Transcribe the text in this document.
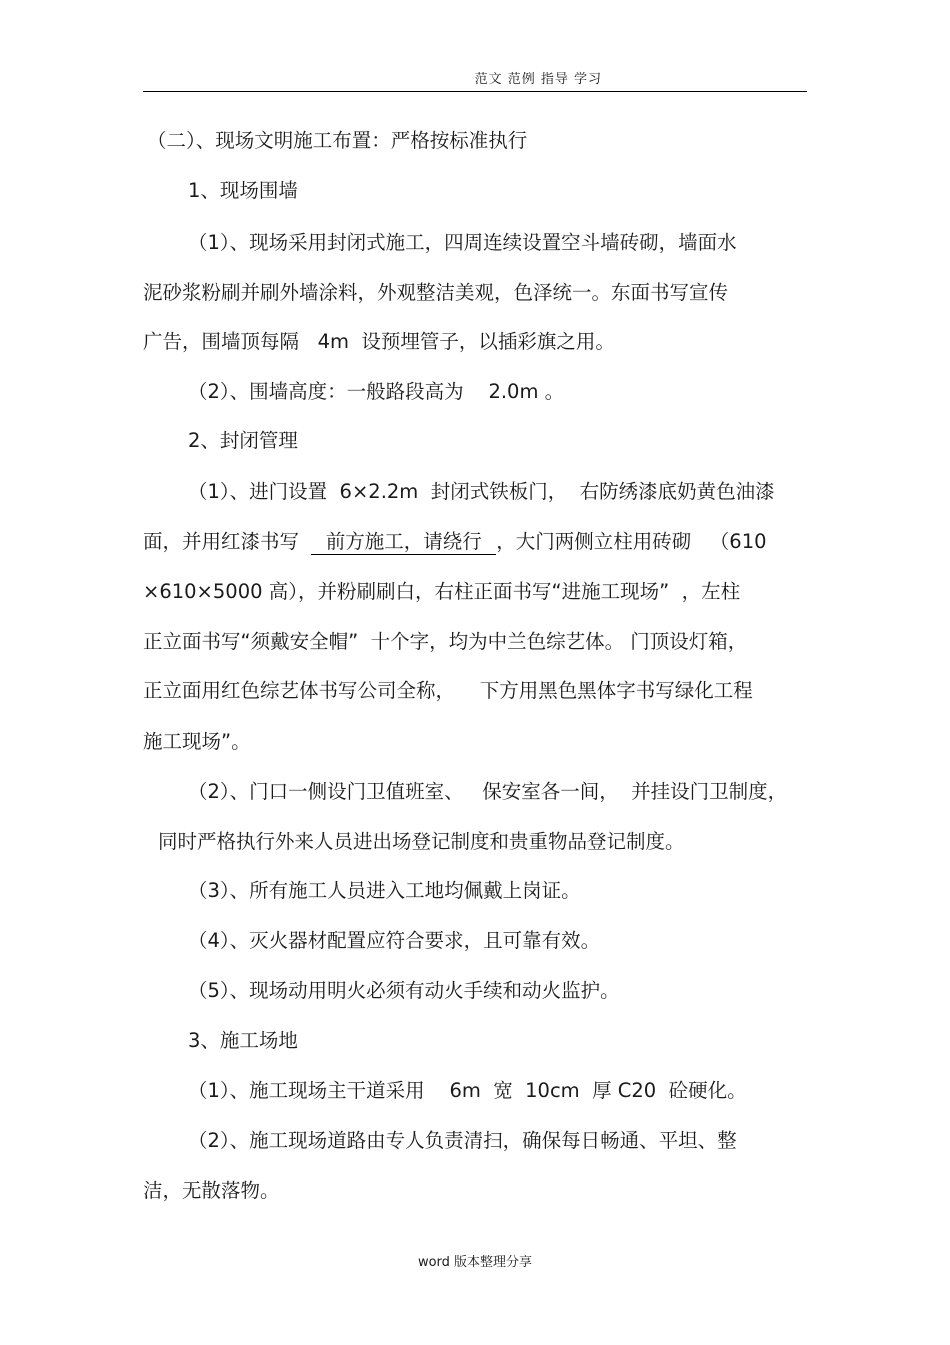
范文 范例 指导 学习
（二）、现场文明施工布置：严格按标准执行
1、现场围墙
（1）、现场采用封闭式施工，四周连续设置空斗墙砖砌，墙面水
泥砂浆粉刷并刷外墙涂料，外观整洁美观，色泽统一。东面书写宣传
广告，围墙顶每隔   4m  设预埋管子，以插彩旗之用。
（2）、围墙高度：一般路段高为    2.0m 。
2、封闭管理
（1）、进门设置  6×2.2m  封闭式铁板门，  右防绣漆底奶黄色油漆
面，并用红漆书写    前方施工，请绕行  ，大门两侧立柱用砖砌   （610
×610×5000 高），并粉刷刷白，右柱正面书写“进施工现场”  ，左柱
正立面书写“须戴安全帽”  十个字，均为中兰色综艺体。 门顶设灯箱，
正立面用红色综艺体书写公司全称，    下方用黑色黑体字书写绿化工程
施工现场”。
（2）、门口一侧设门卫值班室、   保安室各一间，  并挂设门卫制度，
同时严格执行外来人员进出场登记制度和贵重物品登记制度。
（3）、所有施工人员进入工地均佩戴上岗证。
（4）、灭火器材配置应符合要求，且可靠有效。
（5）、现场动用明火必须有动火手续和动火监护。
3、施工场地
（1）、施工现场主干道采用    6m  宽  10cm  厚 C20  砼硬化。
（2）、施工现场道路由专人负责清扫，确保每日畅通、平坦、整
洁，无散落物。
word 版本整理分享
